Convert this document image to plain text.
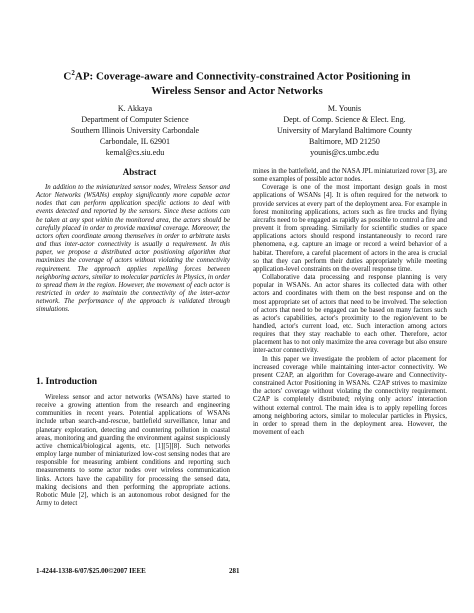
$C^2AP$: Coverage-aware and Connectivity-constrained Actor Positioning in
Wireless Sensor and Actor Networks
K. Akkaya
Department of Computer Science
Southern Illinois University Carbondale
Carbondale, IL 62901
kemal@cs.siu.edu
M. Younis
Dept. of Comp. Science & Elect. Eng.
University of Maryland Baltimore County
Baltimore, MD 21250
younis@cs.umbc.edu
Abstract

In addition to the miniaturized sensor nodes, Wireless Sensor and Actor Networks (WSANs) employ significantly more capable actor nodes that can perform application specific actions to deal with events detected and reported by the sensors. Since these actions can be taken at any spot within the monitored area, the actors should be carefully placed in order to provide maximal coverage. Moreover, the actors often coordinate among themselves in order to arbitrate tasks and thus inter-actor connectivity is usually a requirement. In this paper, we propose a distributed actor positioning algorithm that maximizes the coverage of actors without violating the connectivity requirement. The approach applies repelling forces between neighboring actors, similar to molecular particles in Physics, in order to spread them in the region. However, the movement of each actor is restricted in order to maintain the connectivity of the inter-actor network. The performance of the approach is validated through simulations.

1. Introduction

Wireless sensor and actor networks (WSANs) have started to receive a growing attention from the research and engineering communities in recent years. Potential applications of WSANs include urban search-and-rescue, battlefield surveillance, lunar and planetary exploration, detecting and countering pollution in coastal areas, monitoring and guarding the environment against suspiciously active chemical/biological agents, etc. [1][5][8]. Such networks employ large number of miniaturized low-cost sensing nodes that are responsible for measuring ambient conditions and reporting such measurements to some actor nodes over wireless communication links. Actors have the capability for processing the sensed data, making decisions and then performing the appropriate actions. Robotic Mule [2], which is an autonomous robot designed for the Army to detect

mines in the battlefield, and the NASA JPL miniaturized rover [3], are some examples of possible actor nodes.

Coverage is one of the most important design goals in most applications of WSANs [4]. It is often required for the network to provide services at every part of the deployment area. For example in forest monitoring applications, actors such as fire trucks and flying aircrafts need to be engaged as rapidly as possible to control a fire and prevent it from spreading. Similarly for scientific studies or space applications actors should respond instantaneously to record rare phenomena, e.g. capture an image or record a weird behavior of a habitat. Therefore, a careful placement of actors in the area is crucial so that they can perform their duties appropriately while meeting application-level constraints on the overall response time.

Collaborative data processing and response planning is very popular in WSANs. An actor shares its collected data with other actors and coordinates with them on the best response and on the most appropriate set of actors that need to be involved. The selection of actors that need to be engaged can be based on many factors such as actor's capabilities, actor's proximity to the region/event to be handled, actor's current load, etc. Such interaction among actors requires that they stay reachable to each other. Therefore, actor placement has to not only maximize the area coverage but also ensure inter-actor connectivity.

In this paper we investigate the problem of actor placement for increased coverage while maintaining inter-actor connectivity. We present C2AP, an algorithm for Coverage-aware and Connectivity-constrained Actor Positioning in WSANs. C2AP strives to maximize the actors' coverage without violating the connectivity requirement. C2AP is completely distributed; relying only actors' interaction without external control. The main idea is to apply repelling forces among neighboring actors, similar to molecular particles in Physics, in order to spread them in the deployment area. However, the movement of each

1-4244-1338-6/07/$25.00©2007 IEEE	281
